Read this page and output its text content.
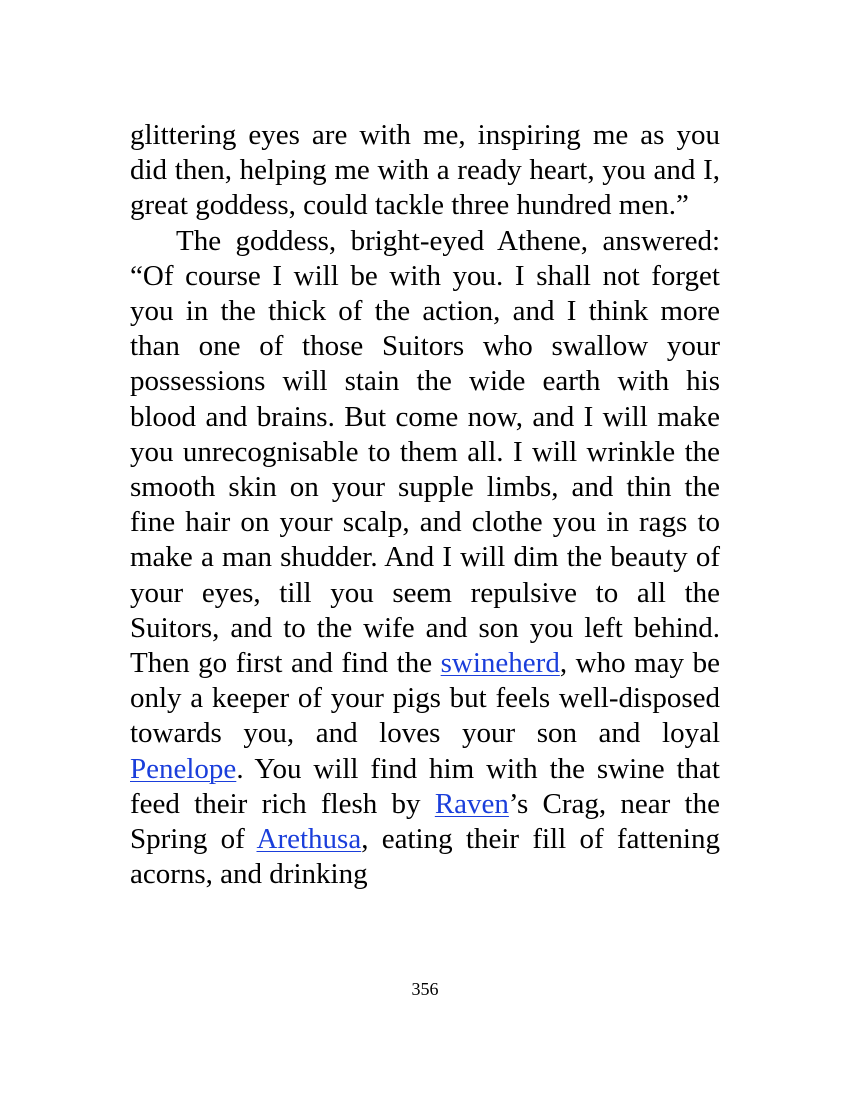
glittering eyes are with me, inspiring me as you did then, helping me with a ready heart, you and I, great goddess, could tackle three hundred men.”

The goddess, bright-eyed Athene, answered: “Of course I will be with you. I shall not forget you in the thick of the action, and I think more than one of those Suitors who swallow your possessions will stain the wide earth with his blood and brains. But come now, and I will make you unrecognisable to them all. I will wrinkle the smooth skin on your supple limbs, and thin the fine hair on your scalp, and clothe you in rags to make a man shudder. And I will dim the beauty of your eyes, till you seem repulsive to all the Suitors, and to the wife and son you left behind. Then go first and find the swineherd, who may be only a keeper of your pigs but feels well-disposed towards you, and loves your son and loyal Penelope. You will find him with the swine that feed their rich flesh by Raven’s Crag, near the Spring of Arethusa, eating their fill of fattening acorns, and drinking

356
